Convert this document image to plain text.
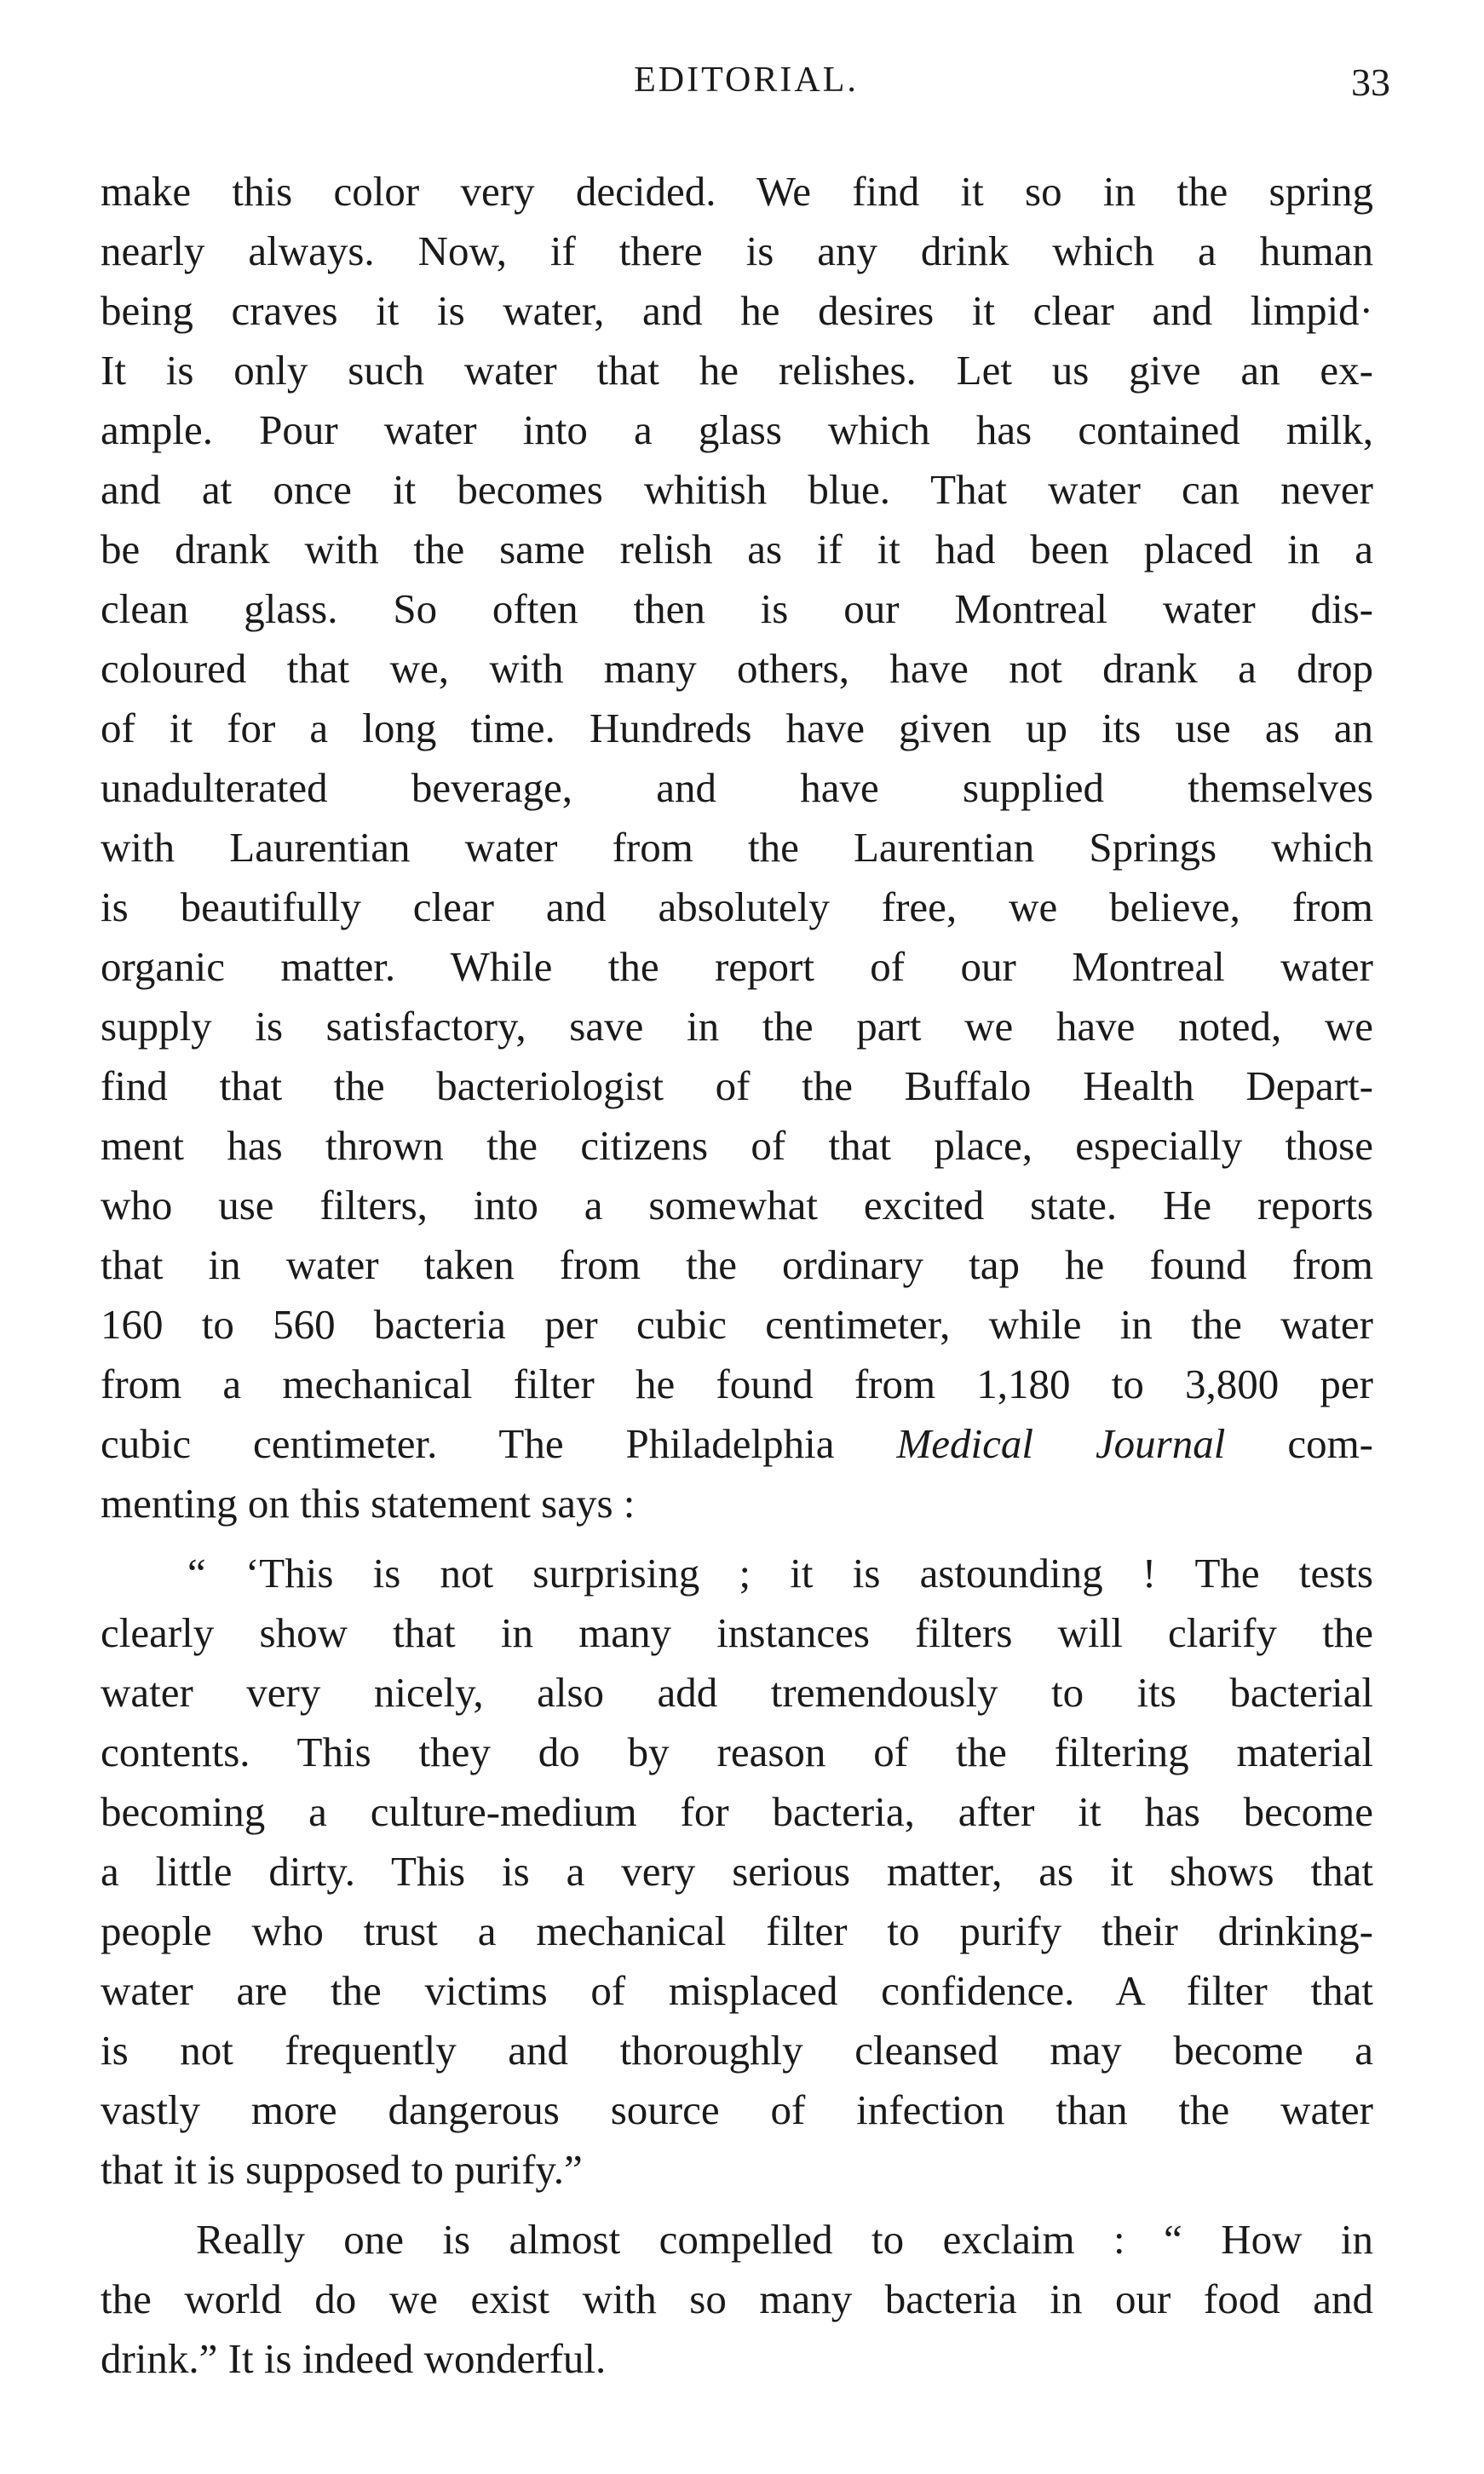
EDITORIAL.	33

make this color very decided. We find it so in the spring

nearly always. Now, if there is any drink which a human

being craves it is water, and he desires it clear and limpid·

It is only such water that he relishes. Let us give an ex-

ample. Pour water into a glass which has contained milk,

and at once it becomes whitish blue. That water can never

be drank with the same relish as if it had been placed in a

clean glass. So often then is our Montreal water dis-

coloured that we, with many others, have not drank a drop

of it for a long time. Hundreds have given up its use as an

unadulterated beverage, and have supplied themselves

with Laurentian water from the Laurentian Springs which

is beautifully clear and absolutely free, we believe, from

organic matter. While the report of our Montreal water

supply is satisfactory, save in the part we have noted, we

find that the bacteriologist of the Buffalo Health Depart-

ment has thrown the citizens of that place, especially those

who use filters, into a somewhat excited state. He reports

that in water taken from the ordinary tap he found from

160 to 560 bacteria per cubic centimeter, while in the water

from a mechanical filter he found from 1,180 to 3,800 per

cubic centimeter. The Philadelphia Medical Journal com-

menting on this statement says :

“ ‘This is not surprising ; it is astounding ! The tests

clearly show that in many instances filters will clarify the

water very nicely, also add tremendously to its bacterial

contents. This they do by reason of the filtering material

becoming a culture-medium for bacteria, after it has become

a little dirty. This is a very serious matter, as it shows that

people who trust a mechanical filter to purify their drinking-

water are the victims of misplaced confidence. A filter that

is not frequently and thoroughly cleansed may become a

vastly more dangerous source of infection than the water

that it is supposed to purify.”

Really one is almost compelled to exclaim : “ How in

the world do we exist with so many bacteria in our food and

drink.” It is indeed wonderful.
